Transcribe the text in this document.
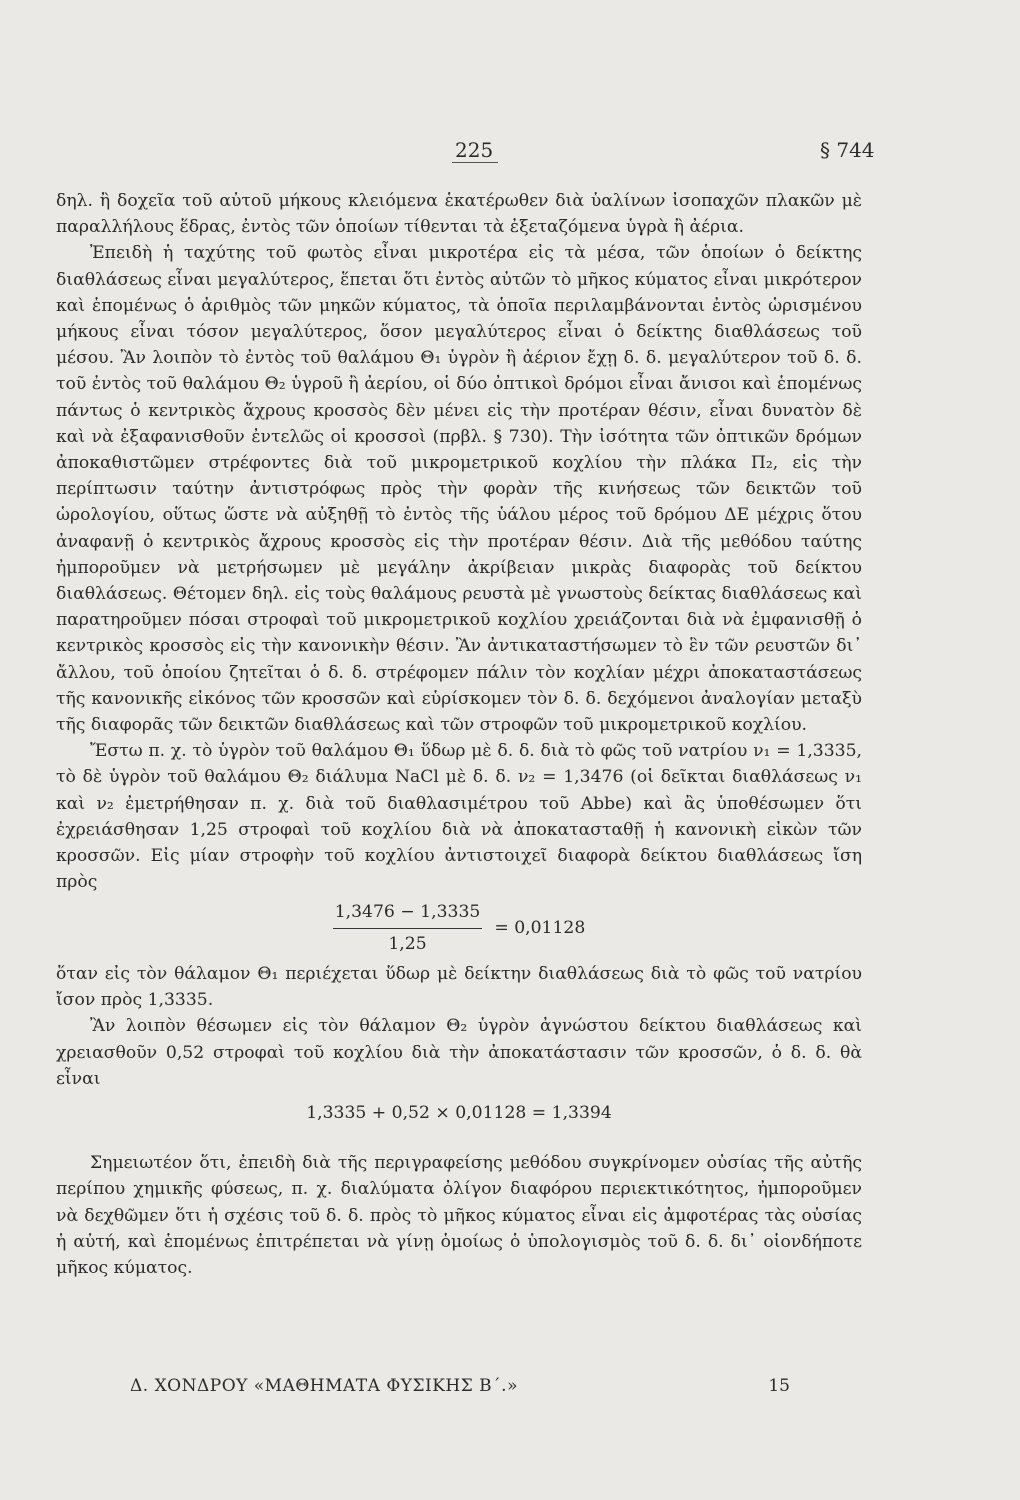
225	§ 744

δηλ. ἢ δοχεῖα τοῦ αὐτοῦ μήκους κλειόμενα ἑκατέρωθεν διὰ ὑαλίνων ἰσοπαχῶν πλακῶν μὲ παραλλήλους ἕδρας, ἐντὸς τῶν ὁποίων τίθενται τὰ ἐξεταζόμενα ὑγρὰ ἢ ἀέρια.

Ἐπειδὴ ἡ ταχύτης τοῦ φωτὸς εἶναι μικροτέρα εἰς τὰ μέσα, τῶν ὁποίων ὁ δείκτης διαθλάσεως εἶναι μεγαλύτερος, ἕπεται ὅτι ἐντὸς αὐτῶν τὸ μῆκος κύματος εἶναι μικρότερον καὶ ἑπομένως ὁ ἀριθμὸς τῶν μηκῶν κύματος, τὰ ὁποῖα περιλαμβάνονται ἐντὸς ὡρισμένου μήκους εἶναι τόσον μεγαλύτερος, ὅσον μεγαλύτερος εἶναι ὁ δείκτης διαθλάσεως τοῦ μέσου. Ἂν λοιπὸν τὸ ἐντὸς τοῦ θαλάμου Θ₁ ὑγρὸν ἢ ἀέριον ἔχῃ δ. δ. μεγαλύτερον τοῦ δ. δ. τοῦ ἐντὸς τοῦ θαλάμου Θ₂ ὑγροῦ ἢ ἀερίου, οἱ δύο ὀπτικοὶ δρόμοι εἶναι ἄνισοι καὶ ἑπομένως πάντως ὁ κεντρικὸς ἄχρους κροσσὸς δὲν μένει εἰς τὴν προτέραν θέσιν, εἶναι δυνατὸν δὲ καὶ νὰ ἐξαφανισθοῦν ἐντελῶς οἱ κροσσοὶ (πρβλ. § 730). Τὴν ἰσότητα τῶν ὀπτικῶν δρόμων ἀποκαθιστῶμεν στρέφοντες διὰ τοῦ μικρομετρικοῦ κοχλίου τὴν πλάκα Π₂, εἰς τὴν περίπτωσιν ταύτην ἀντιστρόφως πρὸς τὴν φορὰν τῆς κινήσεως τῶν δεικτῶν τοῦ ὡρολογίου, οὕτως ὥστε νὰ αὐξηθῇ τὸ ἐντὸς τῆς ὑάλου μέρος τοῦ δρόμου ΔΕ μέχρις ὅτου ἀναφανῇ ὁ κεντρικὸς ἄχρους κροσσὸς εἰς τὴν προτέραν θέσιν. Διὰ τῆς μεθόδου ταύτης ἠμποροῦμεν νὰ μετρήσωμεν μὲ μεγάλην ἀκρίβειαν μικρὰς διαφορὰς τοῦ δείκτου διαθλάσεως. Θέτομεν δηλ. εἰς τοὺς θαλάμους ρευστὰ μὲ γνωστοὺς δείκτας διαθλάσεως καὶ παρατηροῦμεν πόσαι στροφαὶ τοῦ μικρομετρικοῦ κοχλίου χρειάζονται διὰ νὰ ἐμφανισθῇ ὁ κεντρικὸς κροσσὸς εἰς τὴν κανονικὴν θέσιν. Ἂν ἀντικαταστήσωμεν τὸ ἓν τῶν ρευστῶν δι᾽ ἄλλου, τοῦ ὁποίου ζητεῖται ὁ δ. δ. στρέφομεν πάλιν τὸν κοχλίαν μέχρι ἀποκαταστάσεως τῆς κανονικῆς εἰκόνος τῶν κροσσῶν καὶ εὑρίσκομεν τὸν δ. δ. δεχόμενοι ἀναλογίαν μεταξὺ τῆς διαφορᾶς τῶν δεικτῶν διαθλάσεως καὶ τῶν στροφῶν τοῦ μικρομετρικοῦ κοχλίου.

Ἔστω π. χ. τὸ ὑγρὸν τοῦ θαλάμου Θ₁ ὕδωρ μὲ δ. δ. διὰ τὸ φῶς τοῦ νατρίου ν₁ = 1,3335, τὸ δὲ ὑγρὸν τοῦ θαλάμου Θ₂ διάλυμα NaCl μὲ δ. δ. ν₂ = 1,3476 (οἱ δεῖκται διαθλάσεως ν₁ καὶ ν₂ ἐμετρήθησαν π. χ. διὰ τοῦ διαθλασιμέτρου τοῦ Abbe) καὶ ἂς ὑποθέσωμεν ὅτι ἐχρειάσθησαν 1,25 στροφαὶ τοῦ κοχλίου διὰ νὰ ἀποκατασταθῇ ἡ κανονικὴ εἰκὼν τῶν κροσσῶν. Εἰς μίαν στροφὴν τοῦ κοχλίου ἀντιστοιχεῖ διαφορὰ δείκτου διαθλάσεως ἴση πρὸς

$\frac{1,3476 - 1,3335}{1,25} = 0,01128$

ὅταν εἰς τὸν θάλαμον Θ₁ περιέχεται ὕδωρ μὲ δείκτην διαθλάσεως διὰ τὸ φῶς τοῦ νατρίου ἴσον πρὸς 1,3335.

Ἂν λοιπὸν θέσωμεν εἰς τὸν θάλαμον Θ₂ ὑγρὸν ἀγνώστου δείκτου διαθλάσεως καὶ χρειασθοῦν 0,52 στροφαὶ τοῦ κοχλίου διὰ τὴν ἀποκατάστασιν τῶν κροσσῶν, ὁ δ. δ. θὰ εἶναι

1,3335 + 0,52 × 0,01128 = 1,3394

Σημειωτέον ὅτι, ἐπειδὴ διὰ τῆς περιγραφείσης μεθόδου συγκρίνομεν οὐσίας τῆς αὐτῆς περίπου χημικῆς φύσεως, π. χ. διαλύματα ὀλίγον διαφόρου περιεκτικότητος, ἠμποροῦμεν νὰ δεχθῶμεν ὅτι ἡ σχέσις τοῦ δ. δ. πρὸς τὸ μῆκος κύματος εἶναι εἰς ἀμφοτέρας τὰς οὐσίας ἡ αὐτή, καὶ ἑπομένως ἐπιτρέπεται νὰ γίνῃ ὁμοίως ὁ ὑπολογισμὸς τοῦ δ. δ. δι᾽ οἱονδήποτε μῆκος κύματος.

Δ. ΧΟΝΔΡΟΥ «ΜΑΘΗΜΑΤΑ ΦΥΣΙΚΗΣ Β΄.»	15
